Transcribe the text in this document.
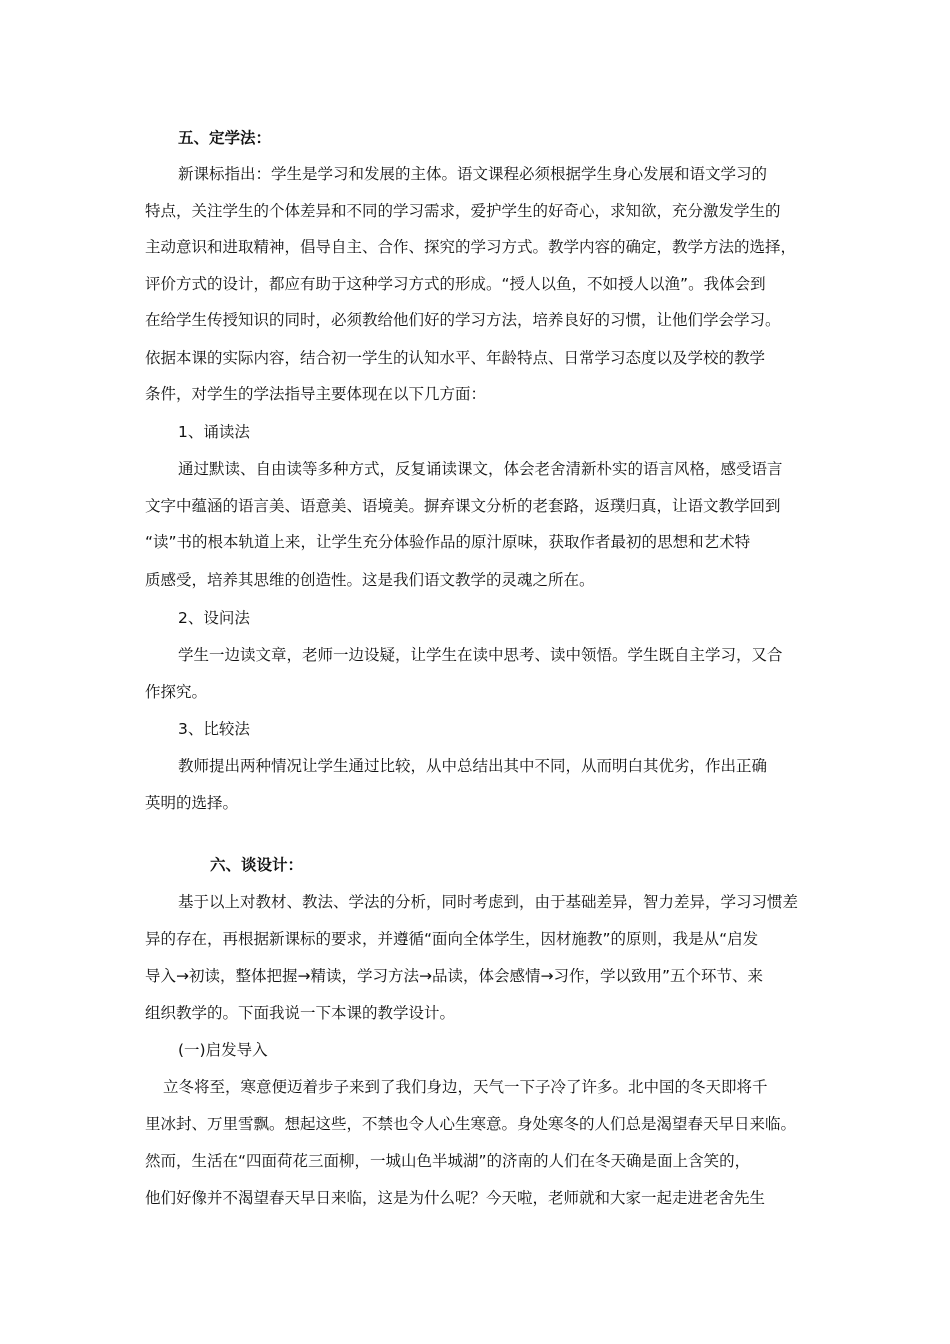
五、定学法：
新课标指出：学生是学习和发展的主体。语文课程必须根据学生身心发展和语文学习的
特点，关注学生的个体差异和不同的学习需求，爱护学生的好奇心，求知欲，充分激发学生的
主动意识和进取精神，倡导自主、合作、探究的学习方式。教学内容的确定，教学方法的选择，
评价方式的设计，都应有助于这种学习方式的形成。“授人以鱼，不如授人以渔”。我体会到
在给学生传授知识的同时，必须教给他们好的学习方法，培养良好的习惯，让他们学会学习。
依据本课的实际内容，结合初一学生的认知水平、年龄特点、日常学习态度以及学校的教学
条件，对学生的学法指导主要体现在以下几方面：
1、诵读法
通过默读、自由读等多种方式，反复诵读课文，体会老舍清新朴实的语言风格，感受语言
文字中蕴涵的语言美、语意美、语境美。摒弃课文分析的老套路，返璞归真，让语文教学回到
“读”书的根本轨道上来，让学生充分体验作品的原汁原味，获取作者最初的思想和艺术特
质感受，培养其思维的创造性。这是我们语文教学的灵魂之所在。
2、设问法
学生一边读文章，老师一边设疑，让学生在读中思考、读中领悟。学生既自主学习，又合
作探究。
3、比较法
教师提出两种情况让学生通过比较，从中总结出其中不同，从而明白其优劣，作出正确
英明的选择。
六、谈设计：
基于以上对教材、教法、学法的分析，同时考虑到，由于基础差异，智力差异，学习习惯差
异的存在，再根据新课标的要求，并遵循“面向全体学生，因材施教”的原则，我是从“启发
导入→初读，整体把握→精读，学习方法→品读，体会感情→习作，学以致用”五个环节、来
组织教学的。下面我说一下本课的教学设计。
(一)启发导入
立冬将至，寒意便迈着步子来到了我们身边，天气一下子冷了许多。北中国的冬天即将千
里冰封、万里雪飘。想起这些，不禁也令人心生寒意。身处寒冬的人们总是渴望春天早日来临。
然而，生活在“四面荷花三面柳，一城山色半城湖”的济南的人们在冬天确是面上含笑的，
他们好像并不渴望春天早日来临，这是为什么呢？今天啦，老师就和大家一起走进老舍先生
